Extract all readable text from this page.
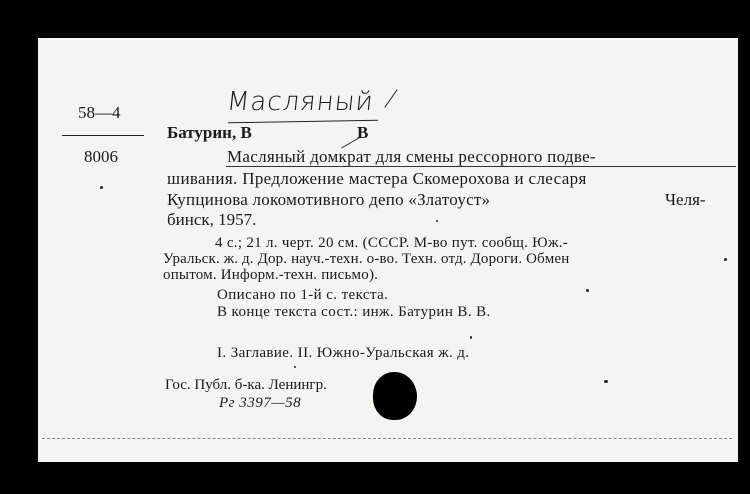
Масляный
58—4
8006
Батурин, В	В
Масляный домкрат для смены рессорного подве-
шивания. Предложение мастера Скомерохова и слесаря
Купцинова локомотивного депо «Златоуст»	Челя-
бинск, 1957.
4 с.; 21 л. черт. 20 см. (СССР. М-во пут. сообщ. Юж.-
Уральск. ж. д. Дор. науч.-техн. о-во. Техн. отд. Дороги. Обмен
опытом. Информ.-техн. письмо).
Описано по 1-й с. текста.
В конце текста сост.: инж. Батурин В. В.
I. Заглавие. II. Южно-Уральская ж. д.
Гос. Публ. б-ка. Ленингр.
Рг 3397—58
